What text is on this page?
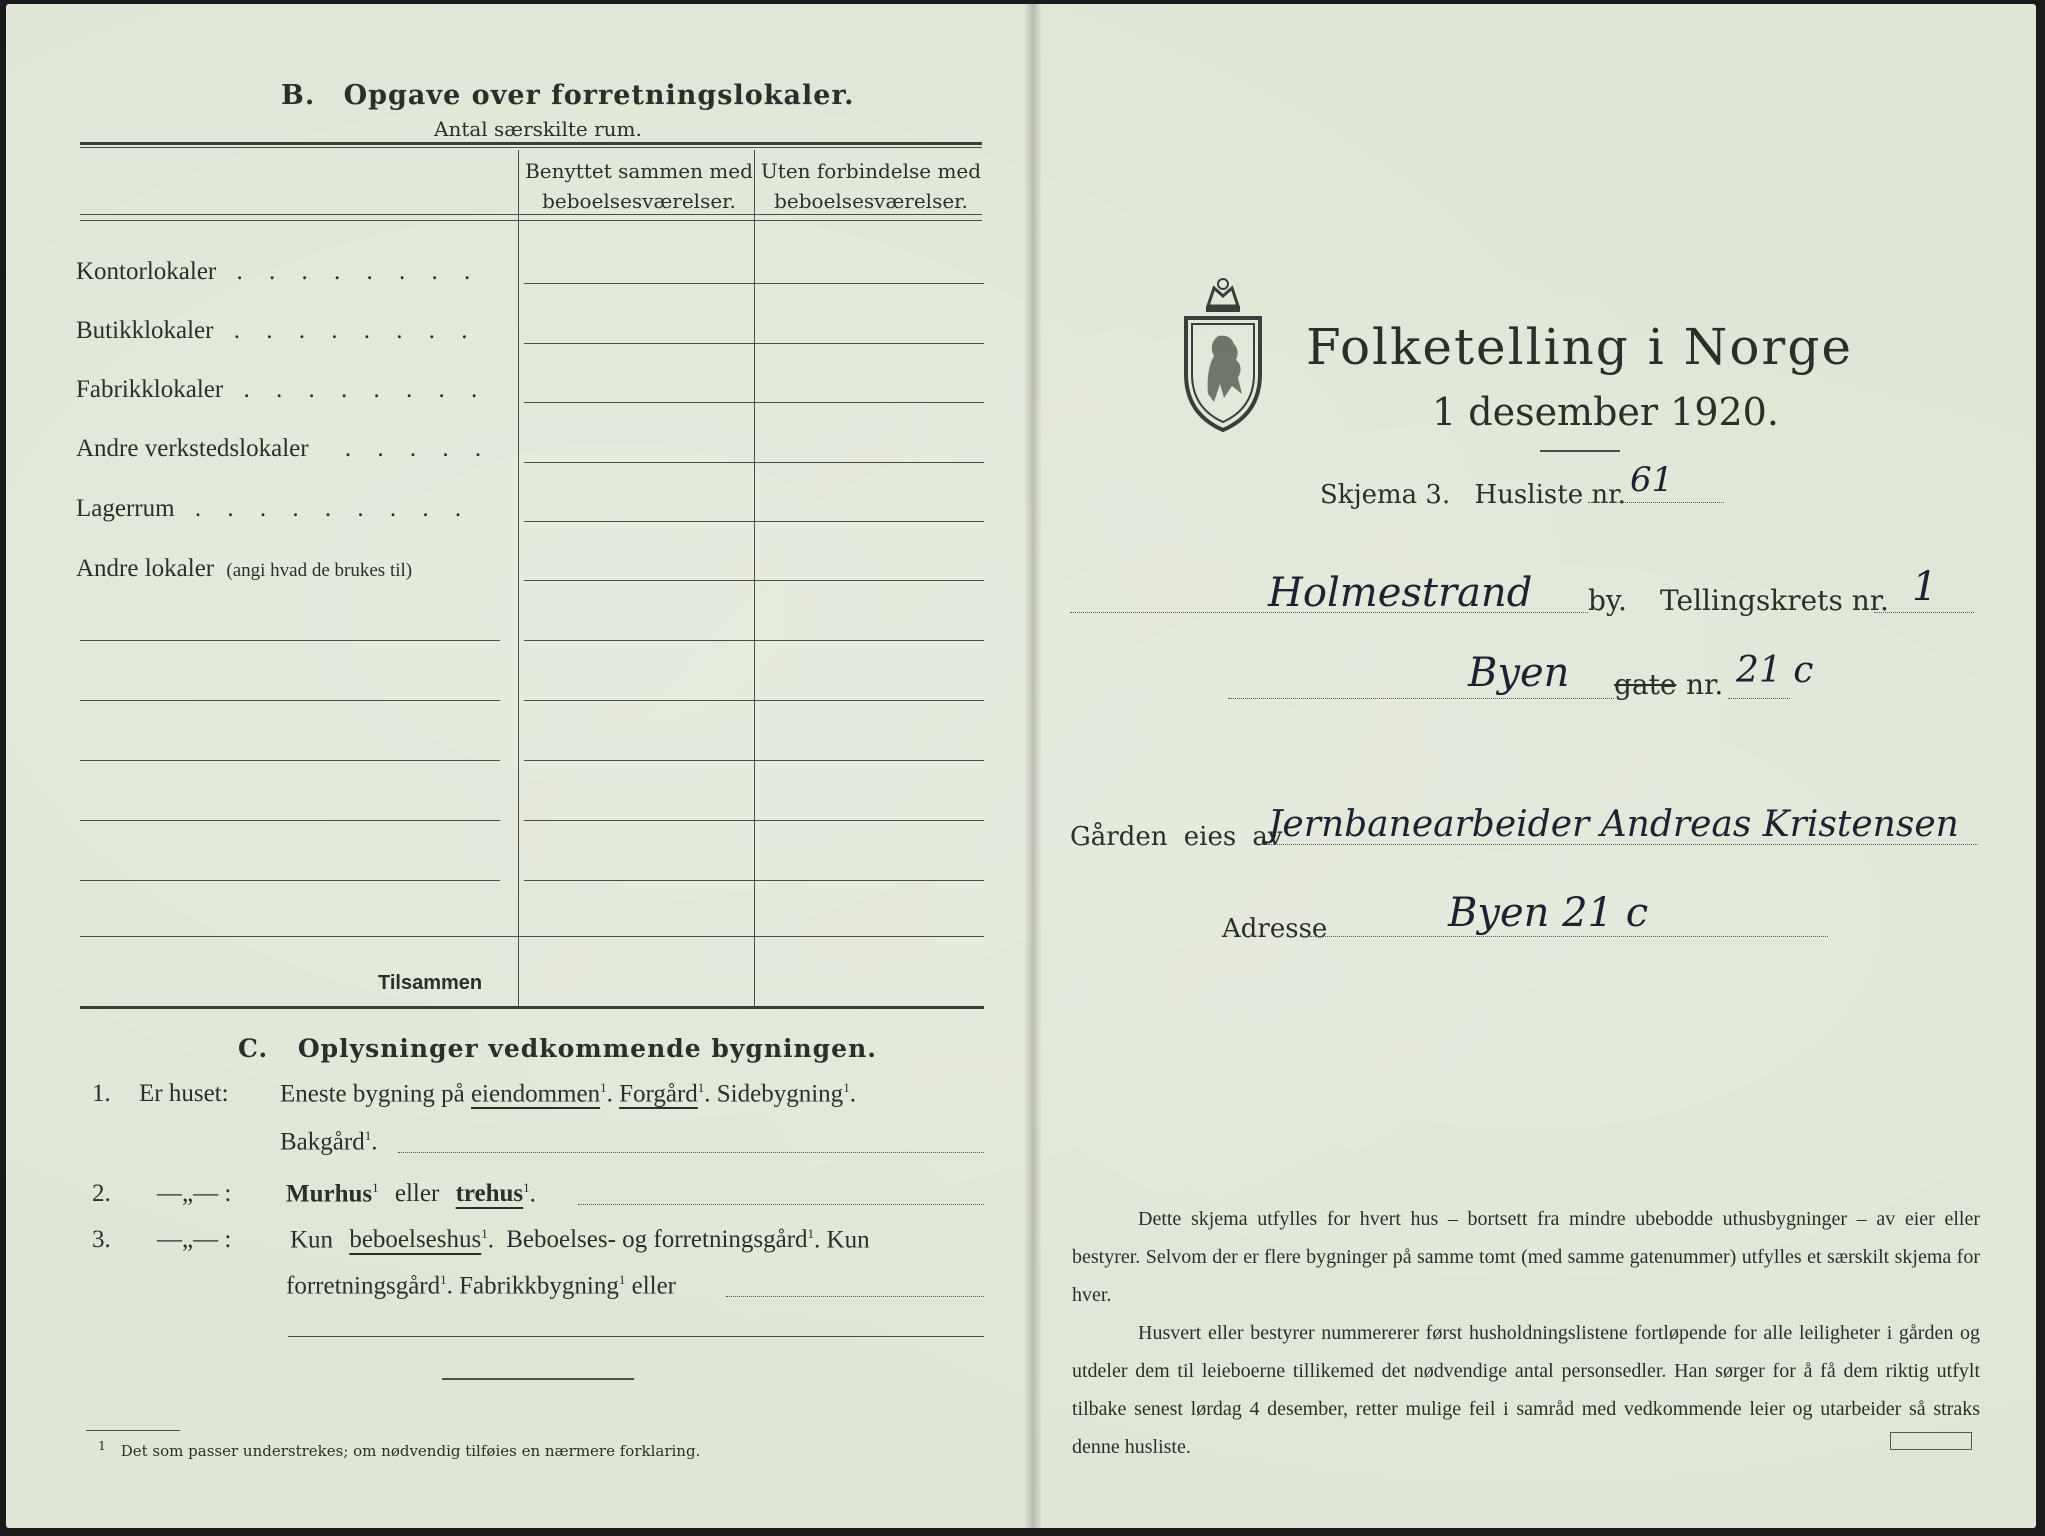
B. Opgave over forretningslokaler.
Antal særskilte rum.
Benyttet sammen med beboelsesværelser.
Uten forbindelse med beboelsesværelser.
Kontorlokaler . . . . . . . .
Butikklokaler . . . . . . . .
Fabrikklokaler . . . . . . . .
Andre verkstedslokaler . . . . .
Lagerrum . . . . . . . . .
Andre lokaler (angi hvad de brukes til)
Tilsammen
C. Oplysninger vedkommende bygningen.
1. Er huset: Eneste bygning på eiendommen$^1$. Forgård$^1$. Sidebygning$^1$.
Bakgård$^1$.
2. —„— : Murhus$^1$ eller trehus$^1$.
3. —„— : Kun beboelseshus$^1$. Beboelses- og forretningsgård$^1$. Kun
forretningsgård$^1$. Fabrikkbygning$^1$ eller
$^1$ Det som passer understrekes; om nødvendig tilføies en nærmere forklaring.
Folketelling i Norge
1 desember 1920.
Skjema 3. Husliste nr. 61
Holmestrand by. Tellingskrets nr. 1
Byen gate nr. 21 c
Gården eies av
Jernbanearbeider Andreas Kristensen
Adresse	Byen 21 c
Dette skjema utfylles for hvert hus – bortsett fra mindre ubebodde uthusbygninger – av eier eller bestyrer. Selvom der er flere bygninger på samme tomt (med samme gatenummer) utfylles et særskilt skjema for hver.
Husvert eller bestyrer nummererer først husholdningslistene fortløpende for alle leiligheter i gården og utdeler dem til leieboerne tillikemed det nødvendige antal personsedler. Han sørger for å få dem riktig utfylt tilbake senest lørdag 4 desember, retter mulige feil i samråd med vedkommende leier og utarbeider så straks denne husliste.
